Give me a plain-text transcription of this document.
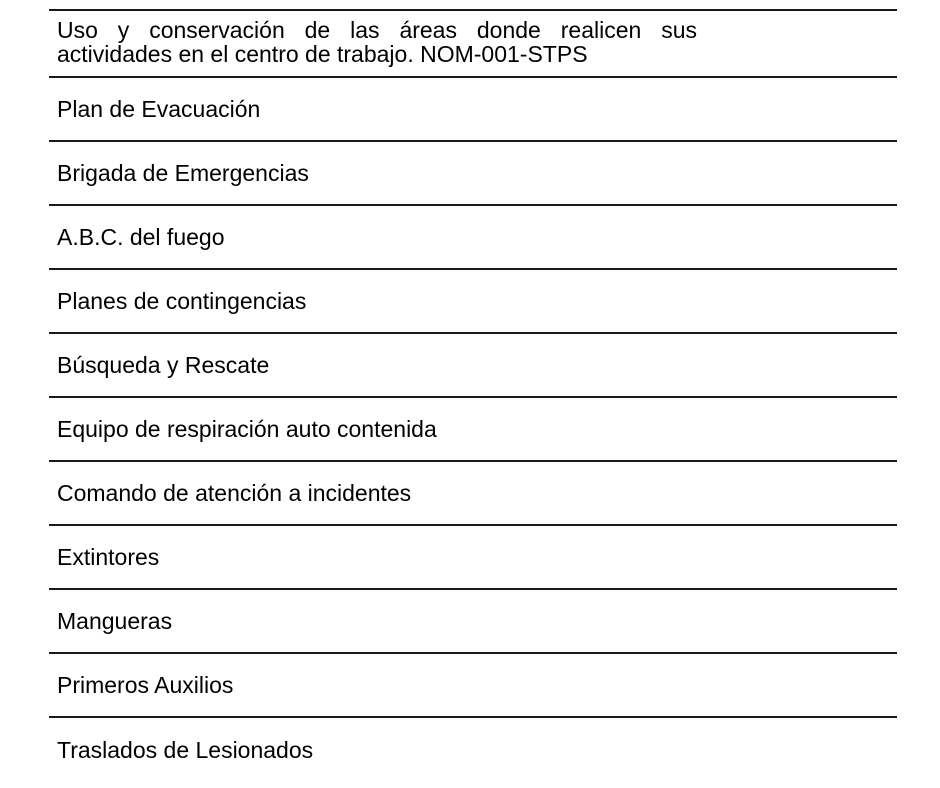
Uso y conservación de las áreas donde realicen sus actividades en el centro de trabajo. NOM-001-STPS
Plan de Evacuación
Brigada de Emergencias
A.B.C. del fuego
Planes de contingencias
Búsqueda y Rescate
Equipo de respiración auto contenida
Comando de atención a incidentes
Extintores
Mangueras
Primeros Auxilios
Traslados de Lesionados
